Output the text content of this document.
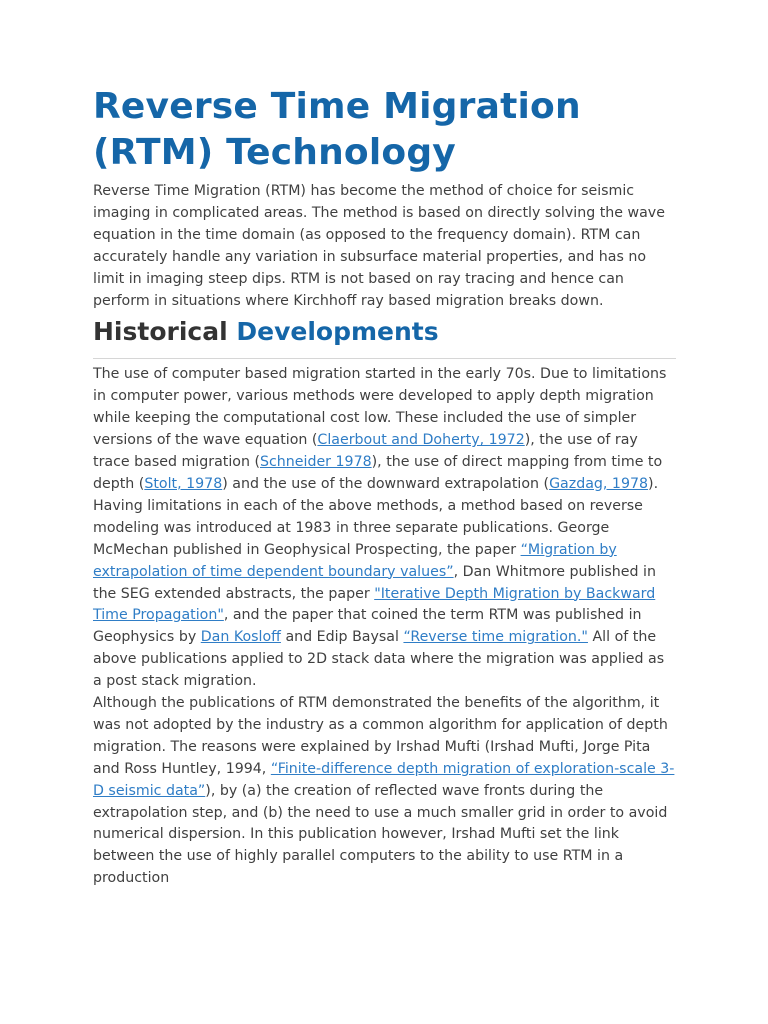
Reverse Time Migration (RTM) Technology

Reverse Time Migration (RTM) has become the method of choice for seismic imaging in complicated areas. The method is based on directly solving the wave equation in the time domain (as opposed to the frequency domain). RTM can accurately handle any variation in subsurface material properties, and has no limit in imaging steep dips. RTM is not based on ray tracing and hence can perform in situations where Kirchhoff ray based migration breaks down.

Historical Developments

The use of computer based migration started in the early 70s. Due to limitations in computer power, various methods were developed to apply depth migration while keeping the computational cost low. These included the use of simpler versions of the wave equation (Claerbout and Doherty, 1972), the use of ray trace based migration (Schneider 1978), the use of direct mapping from time to depth (Stolt, 1978) and the use of the downward extrapolation (Gazdag, 1978). Having limitations in each of the above methods, a method based on reverse modeling was introduced at 1983 in three separate publications. George McMechan published in Geophysical Prospecting, the paper “Migration by extrapolation of time dependent boundary values”, Dan Whitmore published in the SEG extended abstracts, the paper "Iterative Depth Migration by Backward Time Propagation", and the paper that coined the term RTM was published in Geophysics by Dan Kosloff and Edip Baysal “Reverse time migration." All of the above publications applied to 2D stack data where the migration was applied as a post stack migration.

Although the publications of RTM demonstrated the benefits of the algorithm, it was not adopted by the industry as a common algorithm for application of depth migration. The reasons were explained by Irshad Mufti (Irshad Mufti, Jorge Pita and Ross Huntley, 1994, “Finite-difference depth migration of exploration-scale 3-D seismic data”), by (a) the creation of reflected wave fronts during the extrapolation step, and (b) the need to use a much smaller grid in order to avoid numerical dispersion. In this publication however, Irshad Mufti set the link between the use of highly parallel computers to the ability to use RTM in a production
